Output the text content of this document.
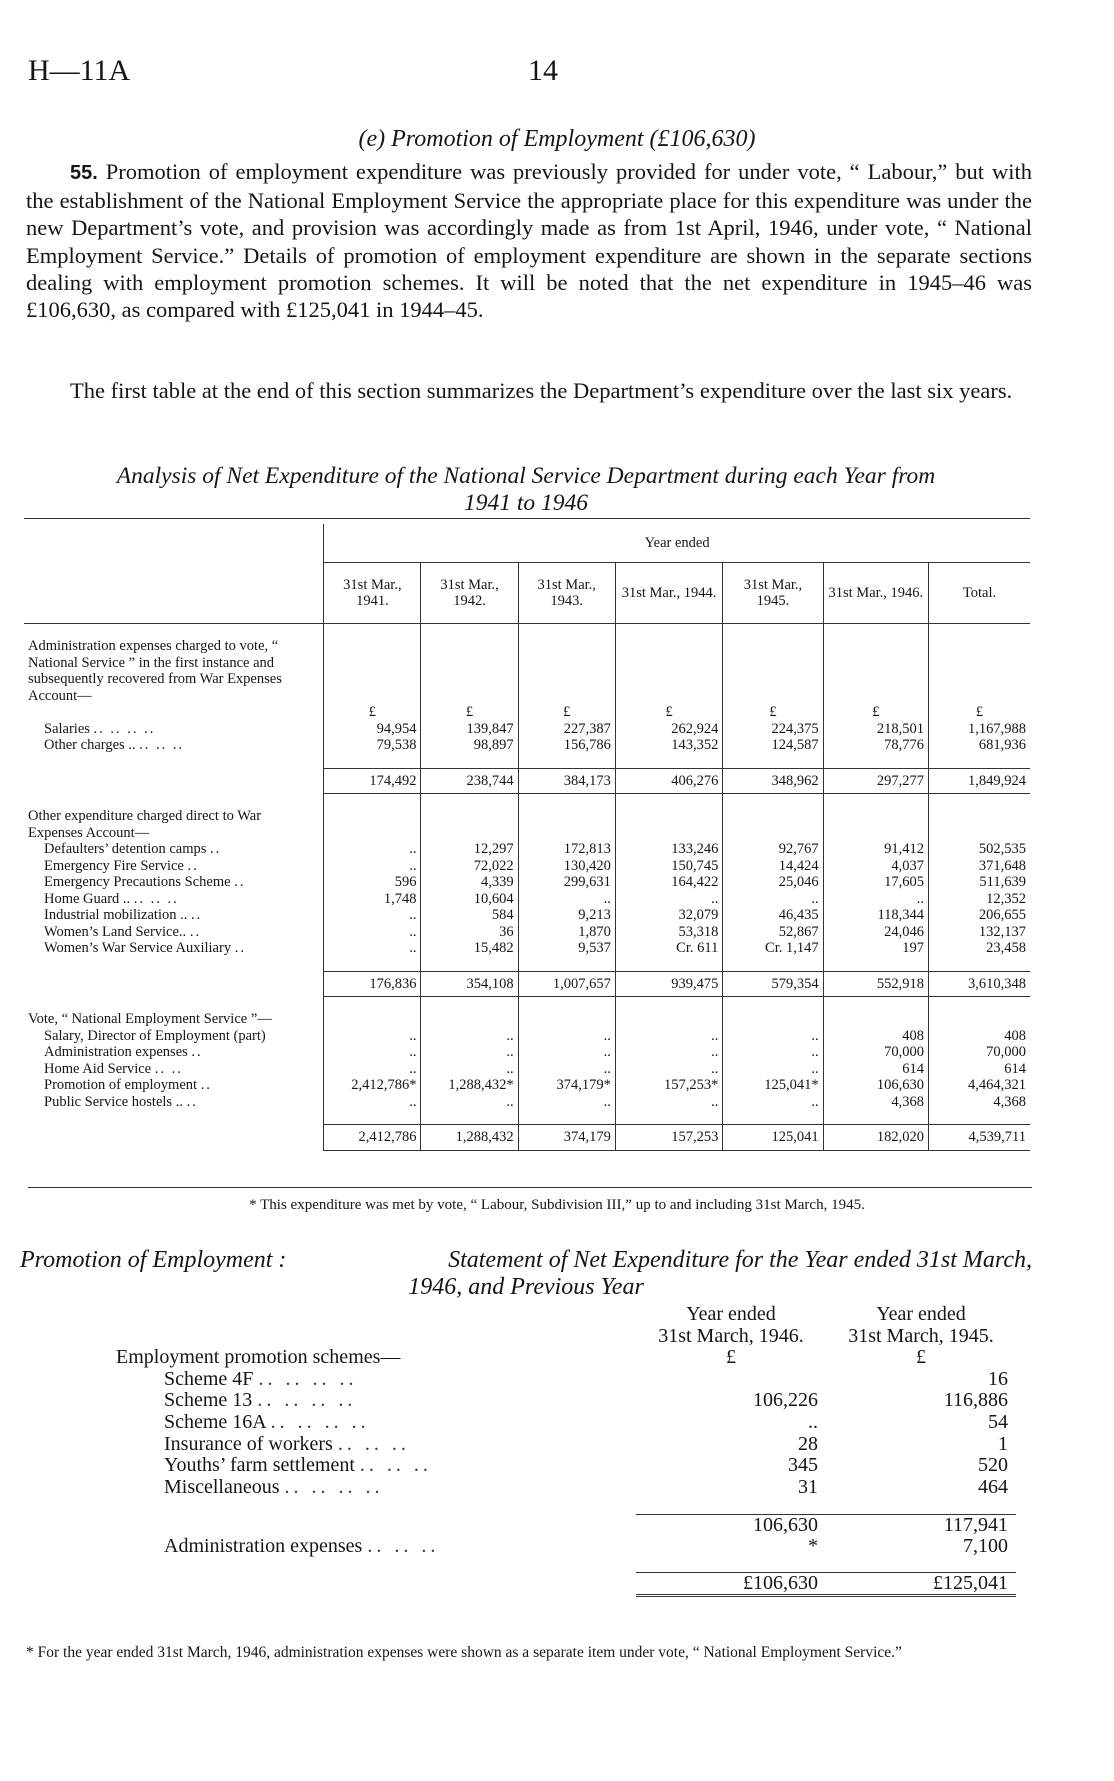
H—11A	14
(e) Promotion of Employment (£106,630)
55. Promotion of employment expenditure was previously provided for under vote, “ Labour,” but with the establishment of the National Employment Service the appropriate place for this expenditure was under the new Department’s vote, and provision was accordingly made as from 1st April, 1946, under vote, “ National Employment Service.” Details of promotion of employment expenditure are shown in the separate sections dealing with employment promotion schemes. It will be noted that the net expenditure in 1945–46 was £106,630, as compared with £125,041 in 1944–45.
The first table at the end of this section summarizes the Department’s expenditure over the last six years.
Analysis of Net Expenditure of the National Service Department during each Year from
1941 to 1946
	Year ended						
	31st Mar., 1941.	31st Mar., 1942.	31st Mar., 1943.	31st Mar., 1944.	31st Mar., 1945.	31st Mar., 1946.	Total.

Administration expenses charged to vote, “ National Service ” in the first instance and subsequently recovered from War Expenses Account—							
	£	£	£	£	£	£	£
Salaries .. .. .. ..	94,954	139,847	227,387	262,924	224,375	218,501	1,167,988
Other charges .. .. .. ..	79,538	98,897	156,786	143,352	124,587	78,776	681,936

	174,492	238,744	384,173	406,276	348,962	297,277	1,849,924

Other expenditure charged direct to War Expenses Account—							
Defaulters’ detention camps ..	..	12,297	172,813	133,246	92,767	91,412	502,535
Emergency Fire Service ..	..	72,022	130,420	150,745	14,424	4,037	371,648
Emergency Precautions Scheme ..	596	4,339	299,631	164,422	25,046	17,605	511,639
Home Guard .. .. .. ..	1,748	10,604	..	..	..	..	12,352
Industrial mobilization .. ..	..	584	9,213	32,079	46,435	118,344	206,655
Women’s Land Service.. ..	..	36	1,870	53,318	52,867	24,046	132,137
Women’s War Service Auxiliary ..	..	15,482	9,537	Cr. 611	Cr. 1,147	197	23,458

	176,836	354,108	1,007,657	939,475	579,354	552,918	3,610,348

Vote, “ National Employment Service ”—							
Salary, Director of Employment (part)	..	..	..	..	..	408	408
Administration expenses ..	..	..	..	..	..	70,000	70,000
Home Aid Service .. ..	..	..	..	..	..	614	614
Promotion of employment ..	2,412,786*	1,288,432*	374,179*	157,253*	125,041*	106,630	4,464,321
Public Service hostels .. ..	..	..	..	..	..	4,368	4,368

	2,412,786	1,288,432	374,179	157,253	125,041	182,020	4,539,711
* This expenditure was met by vote, “ Labour, Subdivision III,” up to and including 31st March, 1945.
Promotion of Employment :	Statement of Net Expenditure for the Year ended 31st March,
1946, and Previous Year
	Year ended	Year ended
	31st March, 1946.	31st March, 1945.
Employment promotion schemes—	£	£
Scheme 4F .. .. .. ..		16
Scheme 13 .. .. .. ..	106,226	116,886
Scheme 16A .. .. .. ..	..	54
Insurance of workers .. .. ..	28	1
Youths’ farm settlement .. .. ..	345	520
Miscellaneous .. .. .. ..	31	464

	106,630	117,941
Administration expenses .. .. ..	*	7,100

	£106,630	£125,041
* For the year ended 31st March, 1946, administration expenses were shown as a separate item under vote, “ National Employment Service.”
